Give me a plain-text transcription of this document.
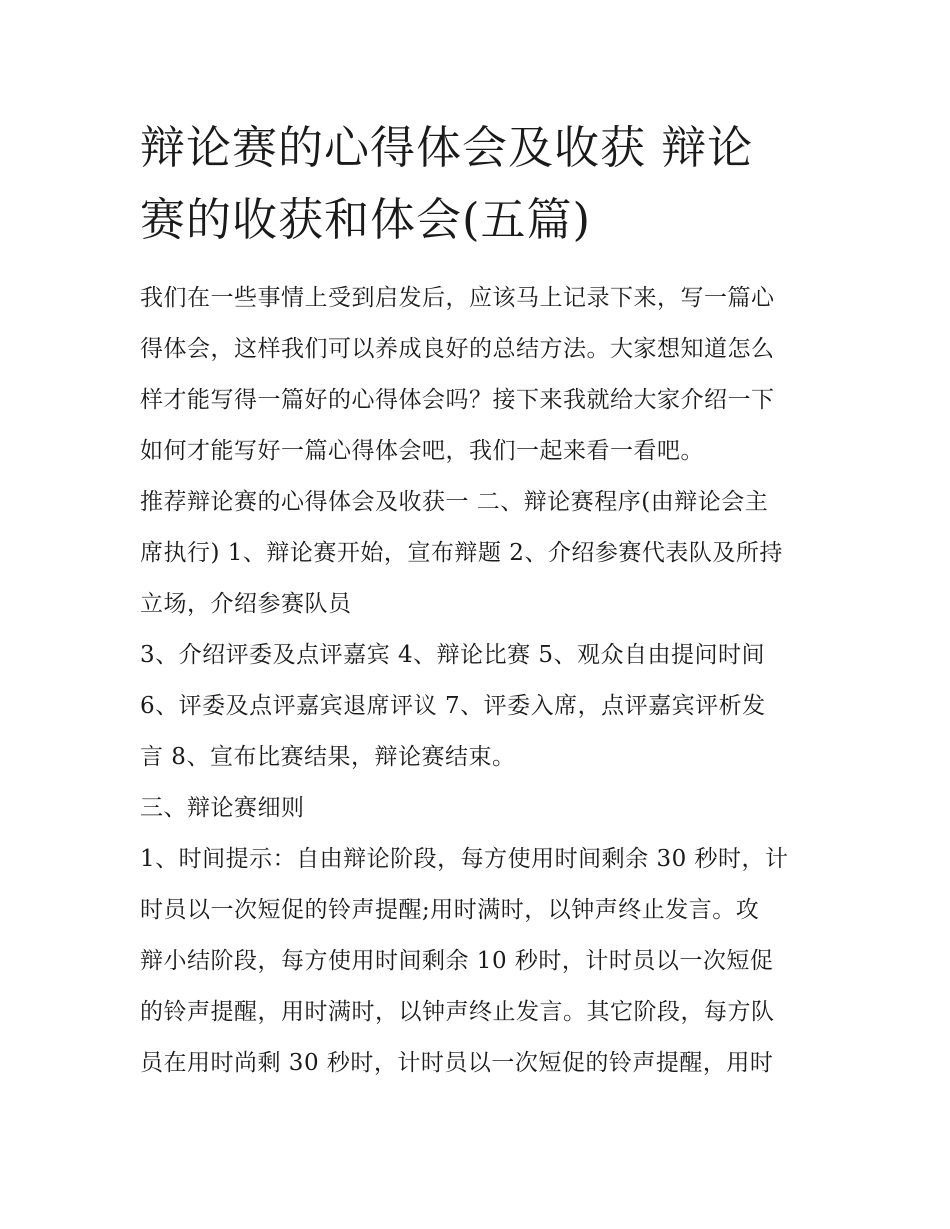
辩论赛的心得体会及收获 辩论
赛的收获和体会(五篇)

我们在一些事情上受到启发后，应该马上记录下来，写一篇心
得体会，这样我们可以养成良好的总结方法。大家想知道怎么
样才能写得一篇好的心得体会吗？接下来我就给大家介绍一下
如何才能写好一篇心得体会吧，我们一起来看一看吧。

推荐辩论赛的心得体会及收获一 二、辩论赛程序(由辩论会主
席执行) 1、辩论赛开始，宣布辩题 2、介绍参赛代表队及所持
立场，介绍参赛队员

3、介绍评委及点评嘉宾 4、辩论比赛 5、观众自由提问时间
6、评委及点评嘉宾退席评议 7、评委入席，点评嘉宾评析发
言 8、宣布比赛结果，辩论赛结束。

三、辩论赛细则

1、时间提示：自由辩论阶段，每方使用时间剩余 30 秒时，计
时员以一次短促的铃声提醒;用时满时，以钟声终止发言。攻
辩小结阶段，每方使用时间剩余 10 秒时，计时员以一次短促
的铃声提醒，用时满时，以钟声终止发言。其它阶段，每方队
员在用时尚剩 30 秒时，计时员以一次短促的铃声提醒，用时
